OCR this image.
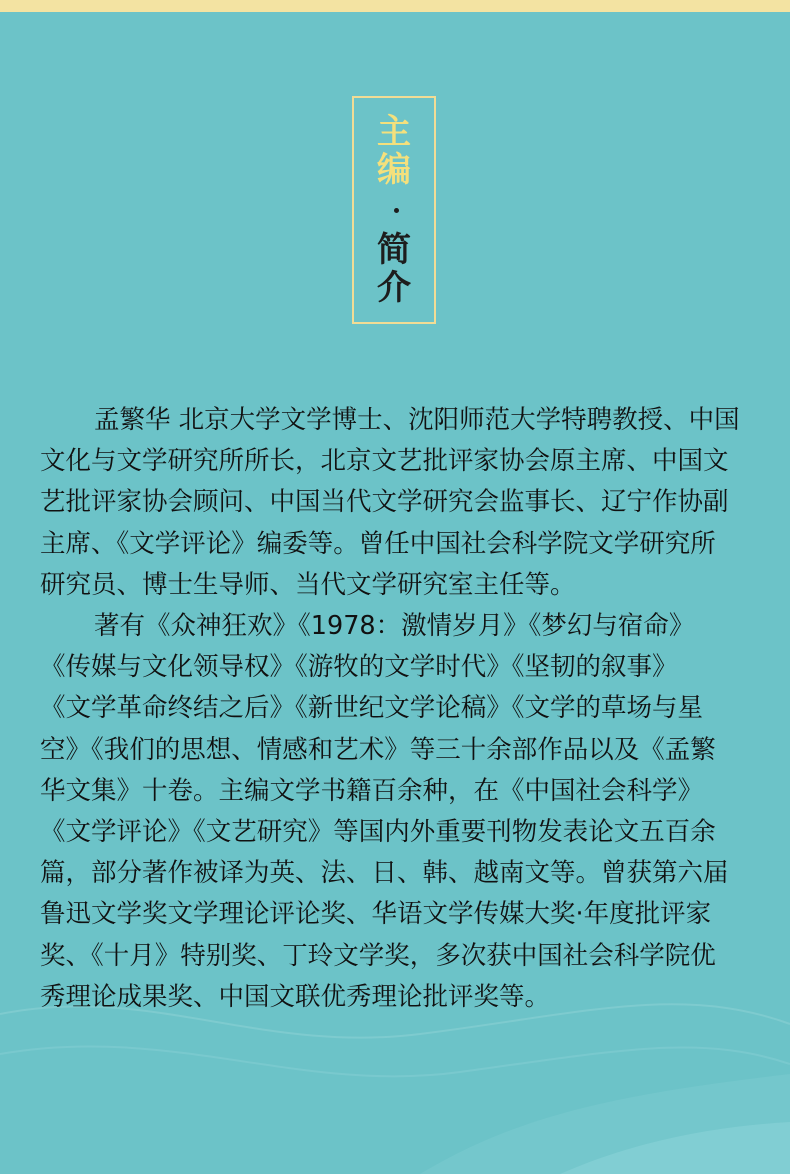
主
编
简
介

孟繁华 北京大学文学博士、沈阳师范大学特聘教授、中国
文化与文学研究所所长，北京文艺批评家协会原主席、中国文
艺批评家协会顾问、中国当代文学研究会监事长、辽宁作协副
主席、《文学评论》编委等。曾任中国社会科学院文学研究所
研究员、博士生导师、当代文学研究室主任等。

著有《众神狂欢》《1978：激情岁月》《梦幻与宿命》
《传媒与文化领导权》《游牧的文学时代》《坚韧的叙事》
《文学革命终结之后》《新世纪文学论稿》《文学的草场与星
空》《我们的思想、情感和艺术》等三十余部作品以及《孟繁
华文集》十卷。主编文学书籍百余种，在《中国社会科学》
《文学评论》《文艺研究》等国内外重要刊物发表论文五百余
篇，部分著作被译为英、法、日、韩、越南文等。曾获第六届
鲁迅文学奖文学理论评论奖、华语文学传媒大奖·年度批评家
奖、《十月》特别奖、丁玲文学奖，多次获中国社会科学院优
秀理论成果奖、中国文联优秀理论批评奖等。
